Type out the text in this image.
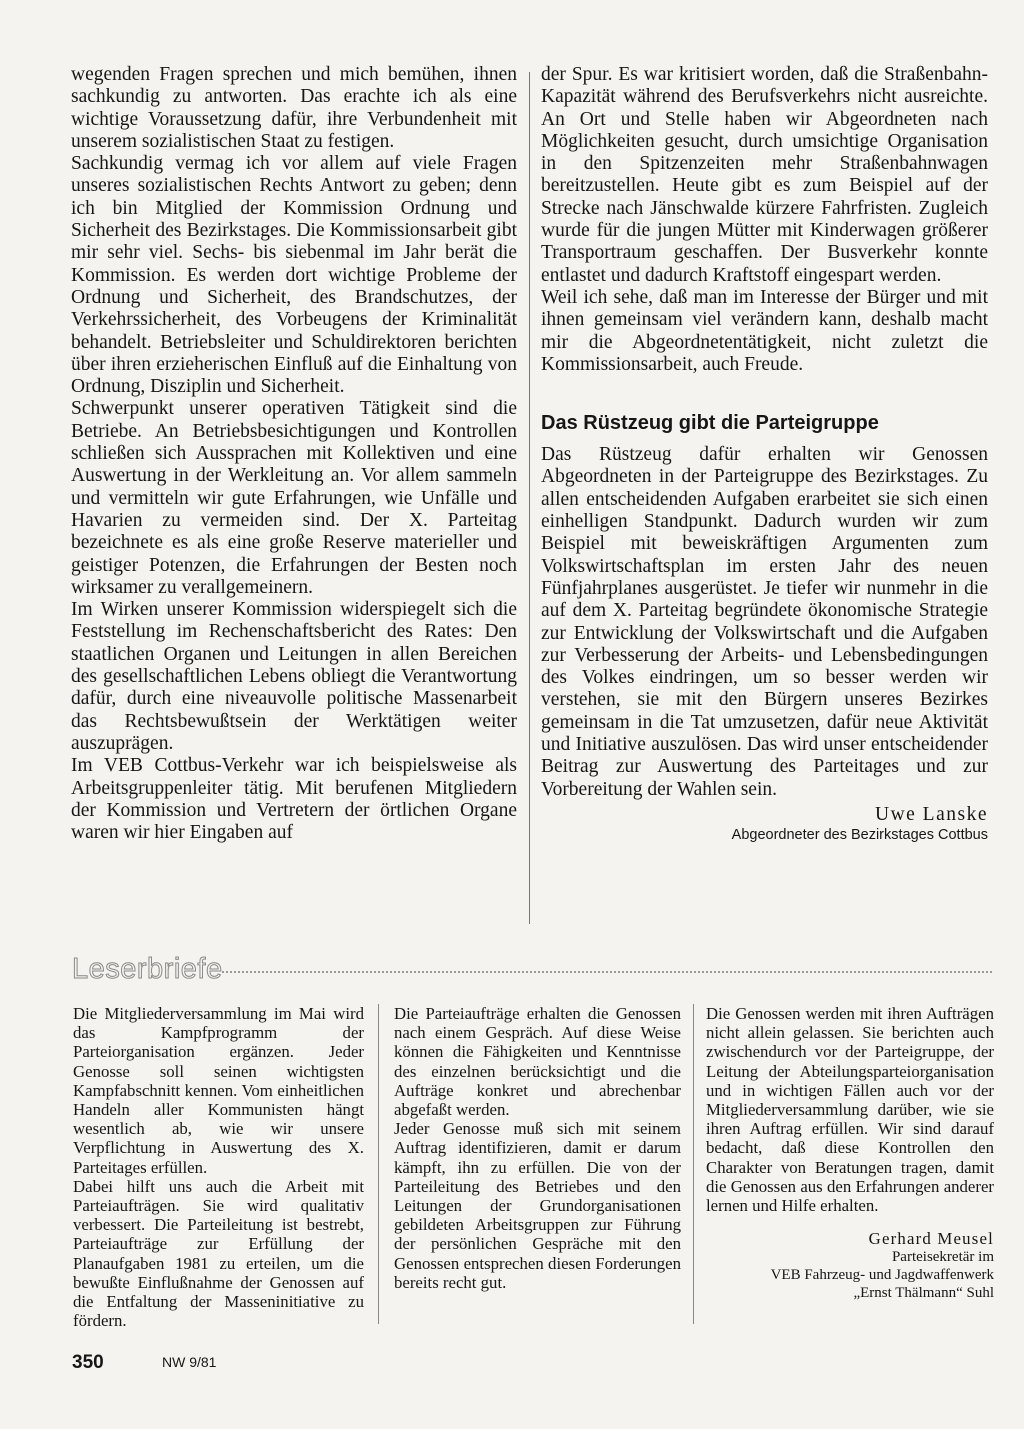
wegenden Fragen sprechen und mich bemühen, ihnen sachkundig zu antworten. Das erachte ich als eine wichtige Voraussetzung dafür, ihre Verbundenheit mit unserem sozialistischen Staat zu festigen.

Sachkundig vermag ich vor allem auf viele Fragen unseres sozialistischen Rechts Antwort zu geben; denn ich bin Mitglied der Kommission Ordnung und Sicherheit des Bezirkstages. Die Kommissionsarbeit gibt mir sehr viel. Sechs- bis siebenmal im Jahr berät die Kommission. Es werden dort wichtige Probleme der Ordnung und Sicherheit, des Brandschutzes, der Verkehrssicherheit, des Vorbeugens der Kriminalität behandelt. Betriebsleiter und Schuldirektoren berichten über ihren erzieherischen Einfluß auf die Einhaltung von Ordnung, Disziplin und Sicherheit.

Schwerpunkt unserer operativen Tätigkeit sind die Betriebe. An Betriebsbesichtigungen und Kontrollen schließen sich Aussprachen mit Kollektiven und eine Auswertung in der Werkleitung an. Vor allem sammeln und vermitteln wir gute Erfahrungen, wie Unfälle und Havarien zu vermeiden sind. Der X. Parteitag bezeichnete es als eine große Reserve materieller und geistiger Potenzen, die Erfahrungen der Besten noch wirksamer zu verallgemeinern.

Im Wirken unserer Kommission widerspiegelt sich die Feststellung im Rechenschaftsbericht des Rates: Den staatlichen Organen und Leitungen in allen Bereichen des gesellschaftlichen Lebens obliegt die Verantwortung dafür, durch eine niveauvolle politische Massenarbeit das Rechtsbewußtsein der Werktätigen weiter auszuprägen.

Im VEB Cottbus-Verkehr war ich beispielsweise als Arbeitsgruppenleiter tätig. Mit berufenen Mitgliedern der Kommission und Vertretern der örtlichen Organe waren wir hier Eingaben auf

der Spur. Es war kritisiert worden, daß die Straßenbahn-Kapazität während des Berufsverkehrs nicht ausreichte. An Ort und Stelle haben wir Abgeordneten nach Möglichkeiten gesucht, durch umsichtige Organisation in den Spitzenzeiten mehr Straßenbahnwagen bereitzustellen. Heute gibt es zum Beispiel auf der Strecke nach Jänschwalde kürzere Fahrfristen. Zugleich wurde für die jungen Mütter mit Kinderwagen größerer Transportraum geschaffen. Der Busverkehr konnte entlastet und dadurch Kraftstoff eingespart werden.

Weil ich sehe, daß man im Interesse der Bürger und mit ihnen gemeinsam viel verändern kann, deshalb macht mir die Abgeordnetentätigkeit, nicht zuletzt die Kommissionsarbeit, auch Freude.

Das Rüstzeug gibt die Parteigruppe

Das Rüstzeug dafür erhalten wir Genossen Abgeordneten in der Parteigruppe des Bezirkstages. Zu allen entscheidenden Aufgaben erarbeitet sie sich einen einhelligen Standpunkt. Dadurch wurden wir zum Beispiel mit beweiskräftigen Argumenten zum Volkswirtschaftsplan im ersten Jahr des neuen Fünfjahrplanes ausgerüstet. Je tiefer wir nunmehr in die auf dem X. Parteitag begründete ökonomische Strategie zur Entwicklung der Volkswirtschaft und die Aufgaben zur Verbesserung der Arbeits- und Lebensbedingungen des Volkes eindringen, um so besser werden wir verstehen, sie mit den Bürgern unseres Bezirkes gemeinsam in die Tat umzusetzen, dafür neue Aktivität und Initiative auszulösen. Das wird unser entscheidender Beitrag zur Auswertung des Parteitages und zur Vorbereitung der Wahlen sein.

Uwe Lanske

Abgeordneter des Bezirkstages Cottbus

Leserbriefe

Die Mitgliederversammlung im Mai wird das Kampfprogramm der Parteiorganisation ergänzen. Jeder Genosse soll seinen wichtigsten Kampfabschnitt kennen. Vom einheitlichen Handeln aller Kommunisten hängt wesentlich ab, wie wir unsere Verpflichtung in Auswertung des X. Parteitages erfüllen.

Dabei hilft uns auch die Arbeit mit Parteiaufträgen. Sie wird qualitativ verbessert. Die Parteileitung ist bestrebt, Parteiaufträge zur Erfüllung der Planaufgaben 1981 zu erteilen, um die bewußte Einflußnahme der Genossen auf die Entfaltung der Masseninitiative zu fördern.

Die Parteiaufträge erhalten die Genossen nach einem Gespräch. Auf diese Weise können die Fähigkeiten und Kenntnisse des einzelnen berücksichtigt und die Aufträge konkret und abrechenbar abgefaßt werden.

Jeder Genosse muß sich mit seinem Auftrag identifizieren, damit er darum kämpft, ihn zu erfüllen. Die von der Parteileitung des Betriebes und den Leitungen der Grundorganisationen gebildeten Arbeitsgruppen zur Führung der persönlichen Gespräche mit den Genossen entsprechen diesen Forderungen bereits recht gut.

Die Genossen werden mit ihren Aufträgen nicht allein gelassen. Sie berichten auch zwischendurch vor der Parteigruppe, der Leitung der Abteilungsparteiorganisation und in wichtigen Fällen auch vor der Mitgliederversammlung darüber, wie sie ihren Auftrag erfüllen. Wir sind darauf bedacht, daß diese Kontrollen den Charakter von Beratungen tragen, damit die Genossen aus den Erfahrungen anderer lernen und Hilfe erhalten.

Gerhard Meusel

Parteisekretär im

VEB Fahrzeug- und Jagdwaffenwerk

„Ernst Thälmann“ Suhl

350	NW 9/81
